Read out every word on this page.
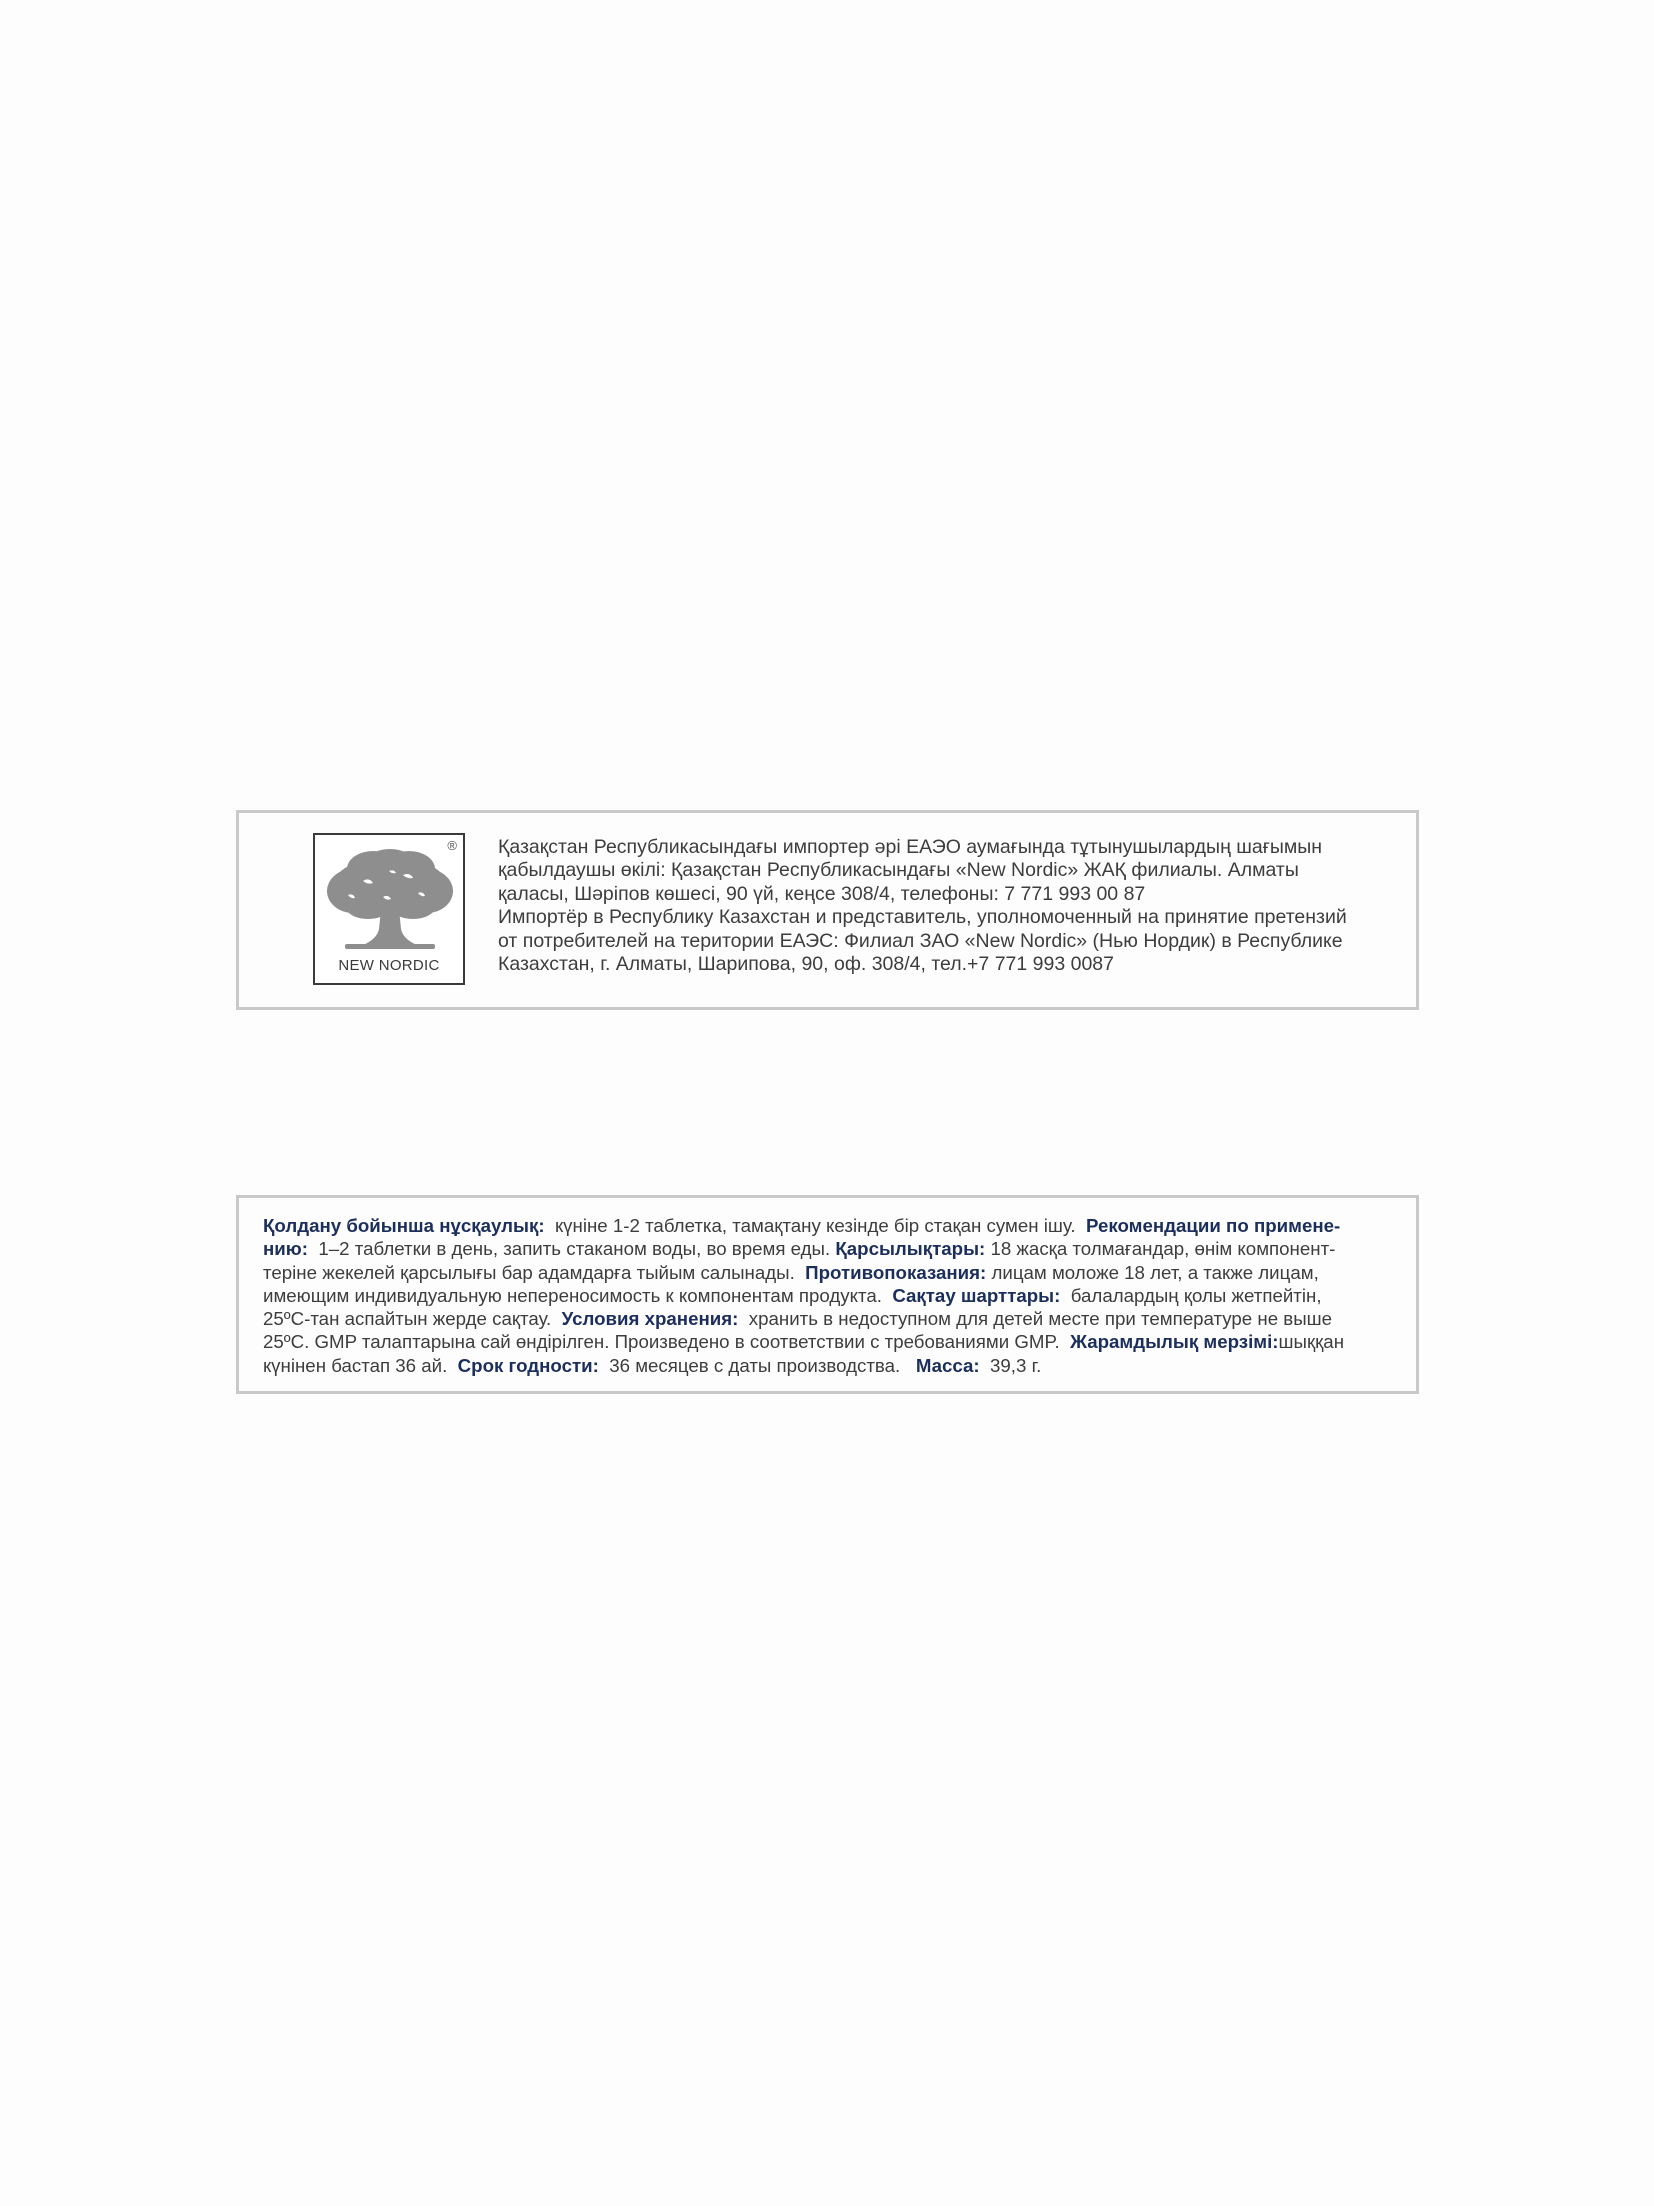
®
NEW NORDIC
Қазақстан Республикасындағы импортер әрі ЕАЭО аумағында тұтынушылардың шағымын
қабылдаушы өкілі: Қазақстан Республикасындағы «New Nordic» ЖАҚ филиалы. Алматы
қаласы, Шәріпов көшесі, 90 үй, кеңсе 308/4, телефоны: 7 771 993 00 87
Импортёр в Республику Казахстан и представитель, уполномоченный на принятие претензий
от потребителей на територии ЕАЭС: Филиал ЗАО «New Nordic» (Нью Нордик) в Республике
Казахстан, г. Алматы, Шарипова, 90, оф. 308/4, тел.+7 771 993 0087
Қолдану бойынша нұсқаулық:  күніне 1-2 таблетка, тамақтану кезінде бір стақан сумен ішу.  Рекомендации по примене-
нию:  1–2 таблетки в день, запить стаканом воды, во время еды. Қарсылықтары: 18 жасқа толмағандар, өнім компонент-
теріне жекелей қарсылығы бар адамдарға тыйым салынады.  Противопоказания: лицам моложе 18 лет, а также лицам,
имеющим индивидуальную непереносимость к компонентам продукта.  Сақтау шарттары:  балалардың қолы жетпейтін,
25ºC-тан аспайтын жерде сақтау.  Условия хранения:  хранить в недоступном для детей месте при температуре не выше
25ºC. GMP талаптарына сай өндірілген. Произведено в соответствии с требованиями GMP.  Жарамдылық мерзімі:шыққан
күнінен бастап 36 ай.  Срок годности:  36 месяцев с даты производства.   Масса:  39,3 г.
